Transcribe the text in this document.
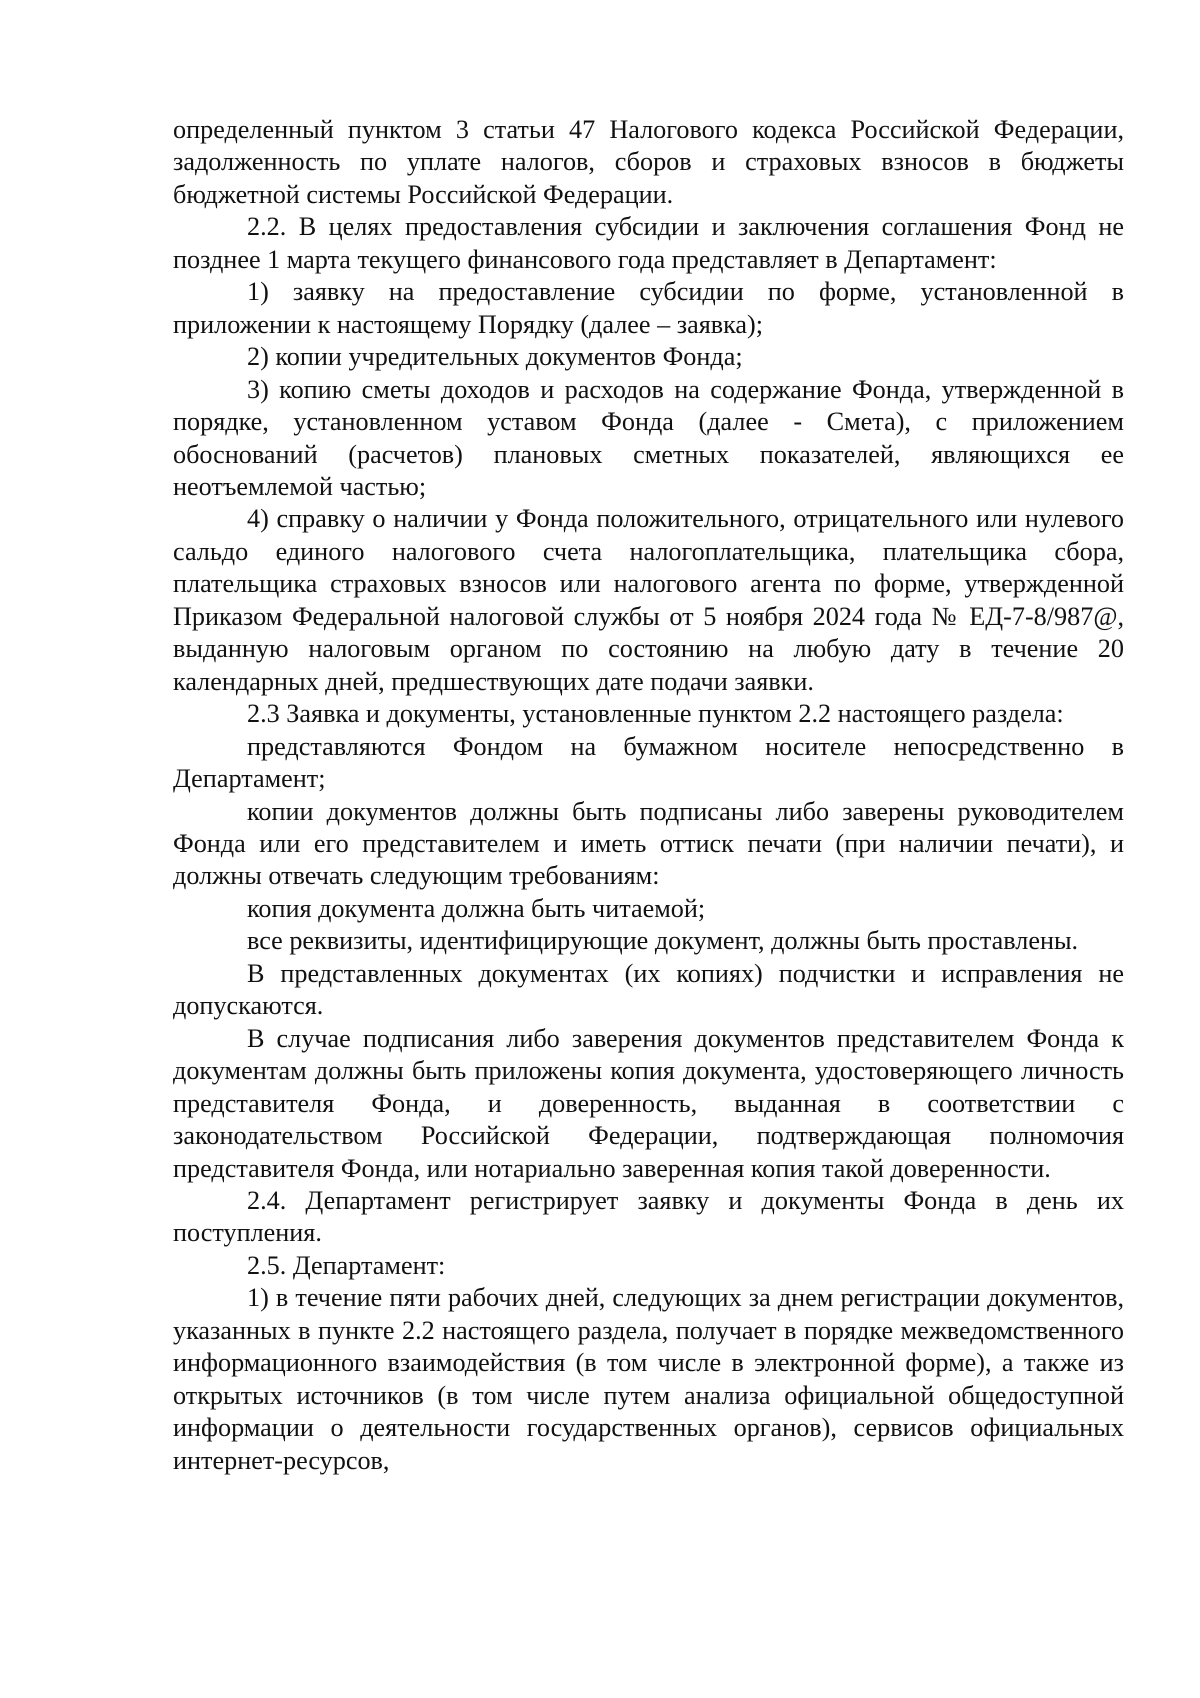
определенный пунктом 3 статьи 47 Налогового кодекса Российской Федерации, задолженность по уплате налогов, сборов и страховых взносов в бюджеты бюджетной системы Российской Федерации.

2.2. В целях предоставления субсидии и заключения соглашения Фонд не позднее 1 марта текущего финансового года представляет в Департамент:

1) заявку на предоставление субсидии по форме, установленной в приложении к настоящему Порядку (далее – заявка);

2) копии учредительных документов Фонда;

3) копию сметы доходов и расходов на содержание Фонда, утвержденной в порядке, установленном уставом Фонда (далее - Смета), с приложением обоснований (расчетов) плановых сметных показателей, являющихся ее неотъемлемой частью;

4) справку о наличии у Фонда положительного, отрицательного или нулевого сальдо единого налогового счета налогоплательщика, плательщика сбора, плательщика страховых взносов или налогового агента по форме, утвержденной Приказом Федеральной налоговой службы от 5 ноября 2024 года № ЕД-7-8/987@, выданную налоговым органом по состоянию на любую дату в течение 20 календарных дней, предшествующих дате подачи заявки.

2.3 Заявка и документы, установленные пунктом 2.2 настоящего раздела:

представляются Фондом на бумажном носителе непосредственно в Департамент;

копии документов должны быть подписаны либо заверены руководителем Фонда или его представителем и иметь оттиск печати (при наличии печати), и должны отвечать следующим требованиям:

копия документа должна быть читаемой;

все реквизиты, идентифицирующие документ, должны быть проставлены.

В представленных документах (их копиях) подчистки и исправления не допускаются.

В случае подписания либо заверения документов представителем Фонда к документам должны быть приложены копия документа, удостоверяющего личность представителя Фонда, и доверенность, выданная в соответствии с законодательством Российской Федерации, подтверждающая полномочия представителя Фонда, или нотариально заверенная копия такой доверенности.

2.4. Департамент регистрирует заявку и документы Фонда в день их поступления.

2.5. Департамент:

1) в течение пяти рабочих дней, следующих за днем регистрации документов, указанных в пункте 2.2 настоящего раздела, получает в порядке межведомственного информационного взаимодействия (в том числе в электронной форме), а также из открытых источников (в том числе путем анализа официальной общедоступной информации о деятельности государственных органов), сервисов официальных интернет-ресурсов,
